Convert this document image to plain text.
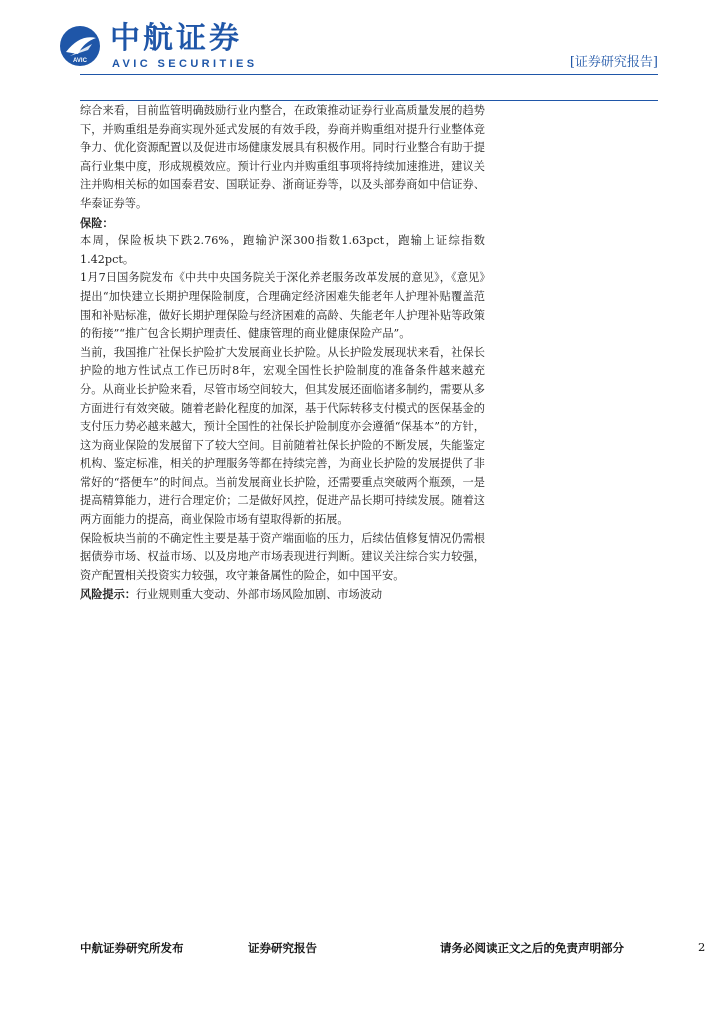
AVIC
中航证券
AVIC SECURITIES	[证券研究报告]

综合来看，目前监管明确鼓励行业内整合，在政策推动证券行业高质量发展的趋势下，并购重组是券商实现外延式发展的有效手段，券商并购重组对提升行业整体竞争力、优化资源配置以及促进市场健康发展具有积极作用。同时行业整合有助于提高行业集中度，形成规模效应。预计行业内并购重组事项将持续加速推进，建议关注并购相关标的如国泰君安、国联证券、浙商证券等，以及头部券商如中信证券、华泰证券等。

保险：

本周，保险板块下跌2.76%，跑输沪深300指数1.63pct，跑输上证综指数1.42pct。

1月7日国务院发布《中共中央国务院关于深化养老服务改革发展的意见》，《意见》提出“加快建立长期护理保险制度，合理确定经济困难失能老年人护理补贴覆盖范围和补贴标准，做好长期护理保险与经济困难的高龄、失能老年人护理补贴等政策的衔接”“推广包含长期护理责任、健康管理的商业健康保险产品”。

当前，我国推广社保长护险扩大发展商业长护险。从长护险发展现状来看，社保长护险的地方性试点工作已历时8年，宏观全国性长护险制度的准备条件越来越充分。从商业长护险来看，尽管市场空间较大，但其发展还面临诸多制约，需要从多方面进行有效突破。随着老龄化程度的加深，基于代际转移支付模式的医保基金的支付压力势必越来越大，预计全国性的社保长护险制度亦会遵循“保基本”的方针，这为商业保险的发展留下了较大空间。目前随着社保长护险的不断发展，失能鉴定机构、鉴定标准，相关的护理服务等都在持续完善，为商业长护险的发展提供了非常好的“搭便车”的时间点。当前发展商业长护险，还需要重点突破两个瓶颈，一是提高精算能力，进行合理定价；二是做好风控，促进产品长期可持续发展。随着这两方面能力的提高，商业保险市场有望取得新的拓展。

保险板块当前的不确定性主要是基于资产端面临的压力，后续估值修复情况仍需根据债券市场、权益市场、以及房地产市场表现进行判断。建议关注综合实力较强，资产配置相关投资实力较强，攻守兼备属性的险企，如中国平安。

风险提示：行业规则重大变动、外部市场风险加剧、市场波动

中航证券研究所发布	证券研究报告	请务必阅读正文之后的免责声明部分	2
